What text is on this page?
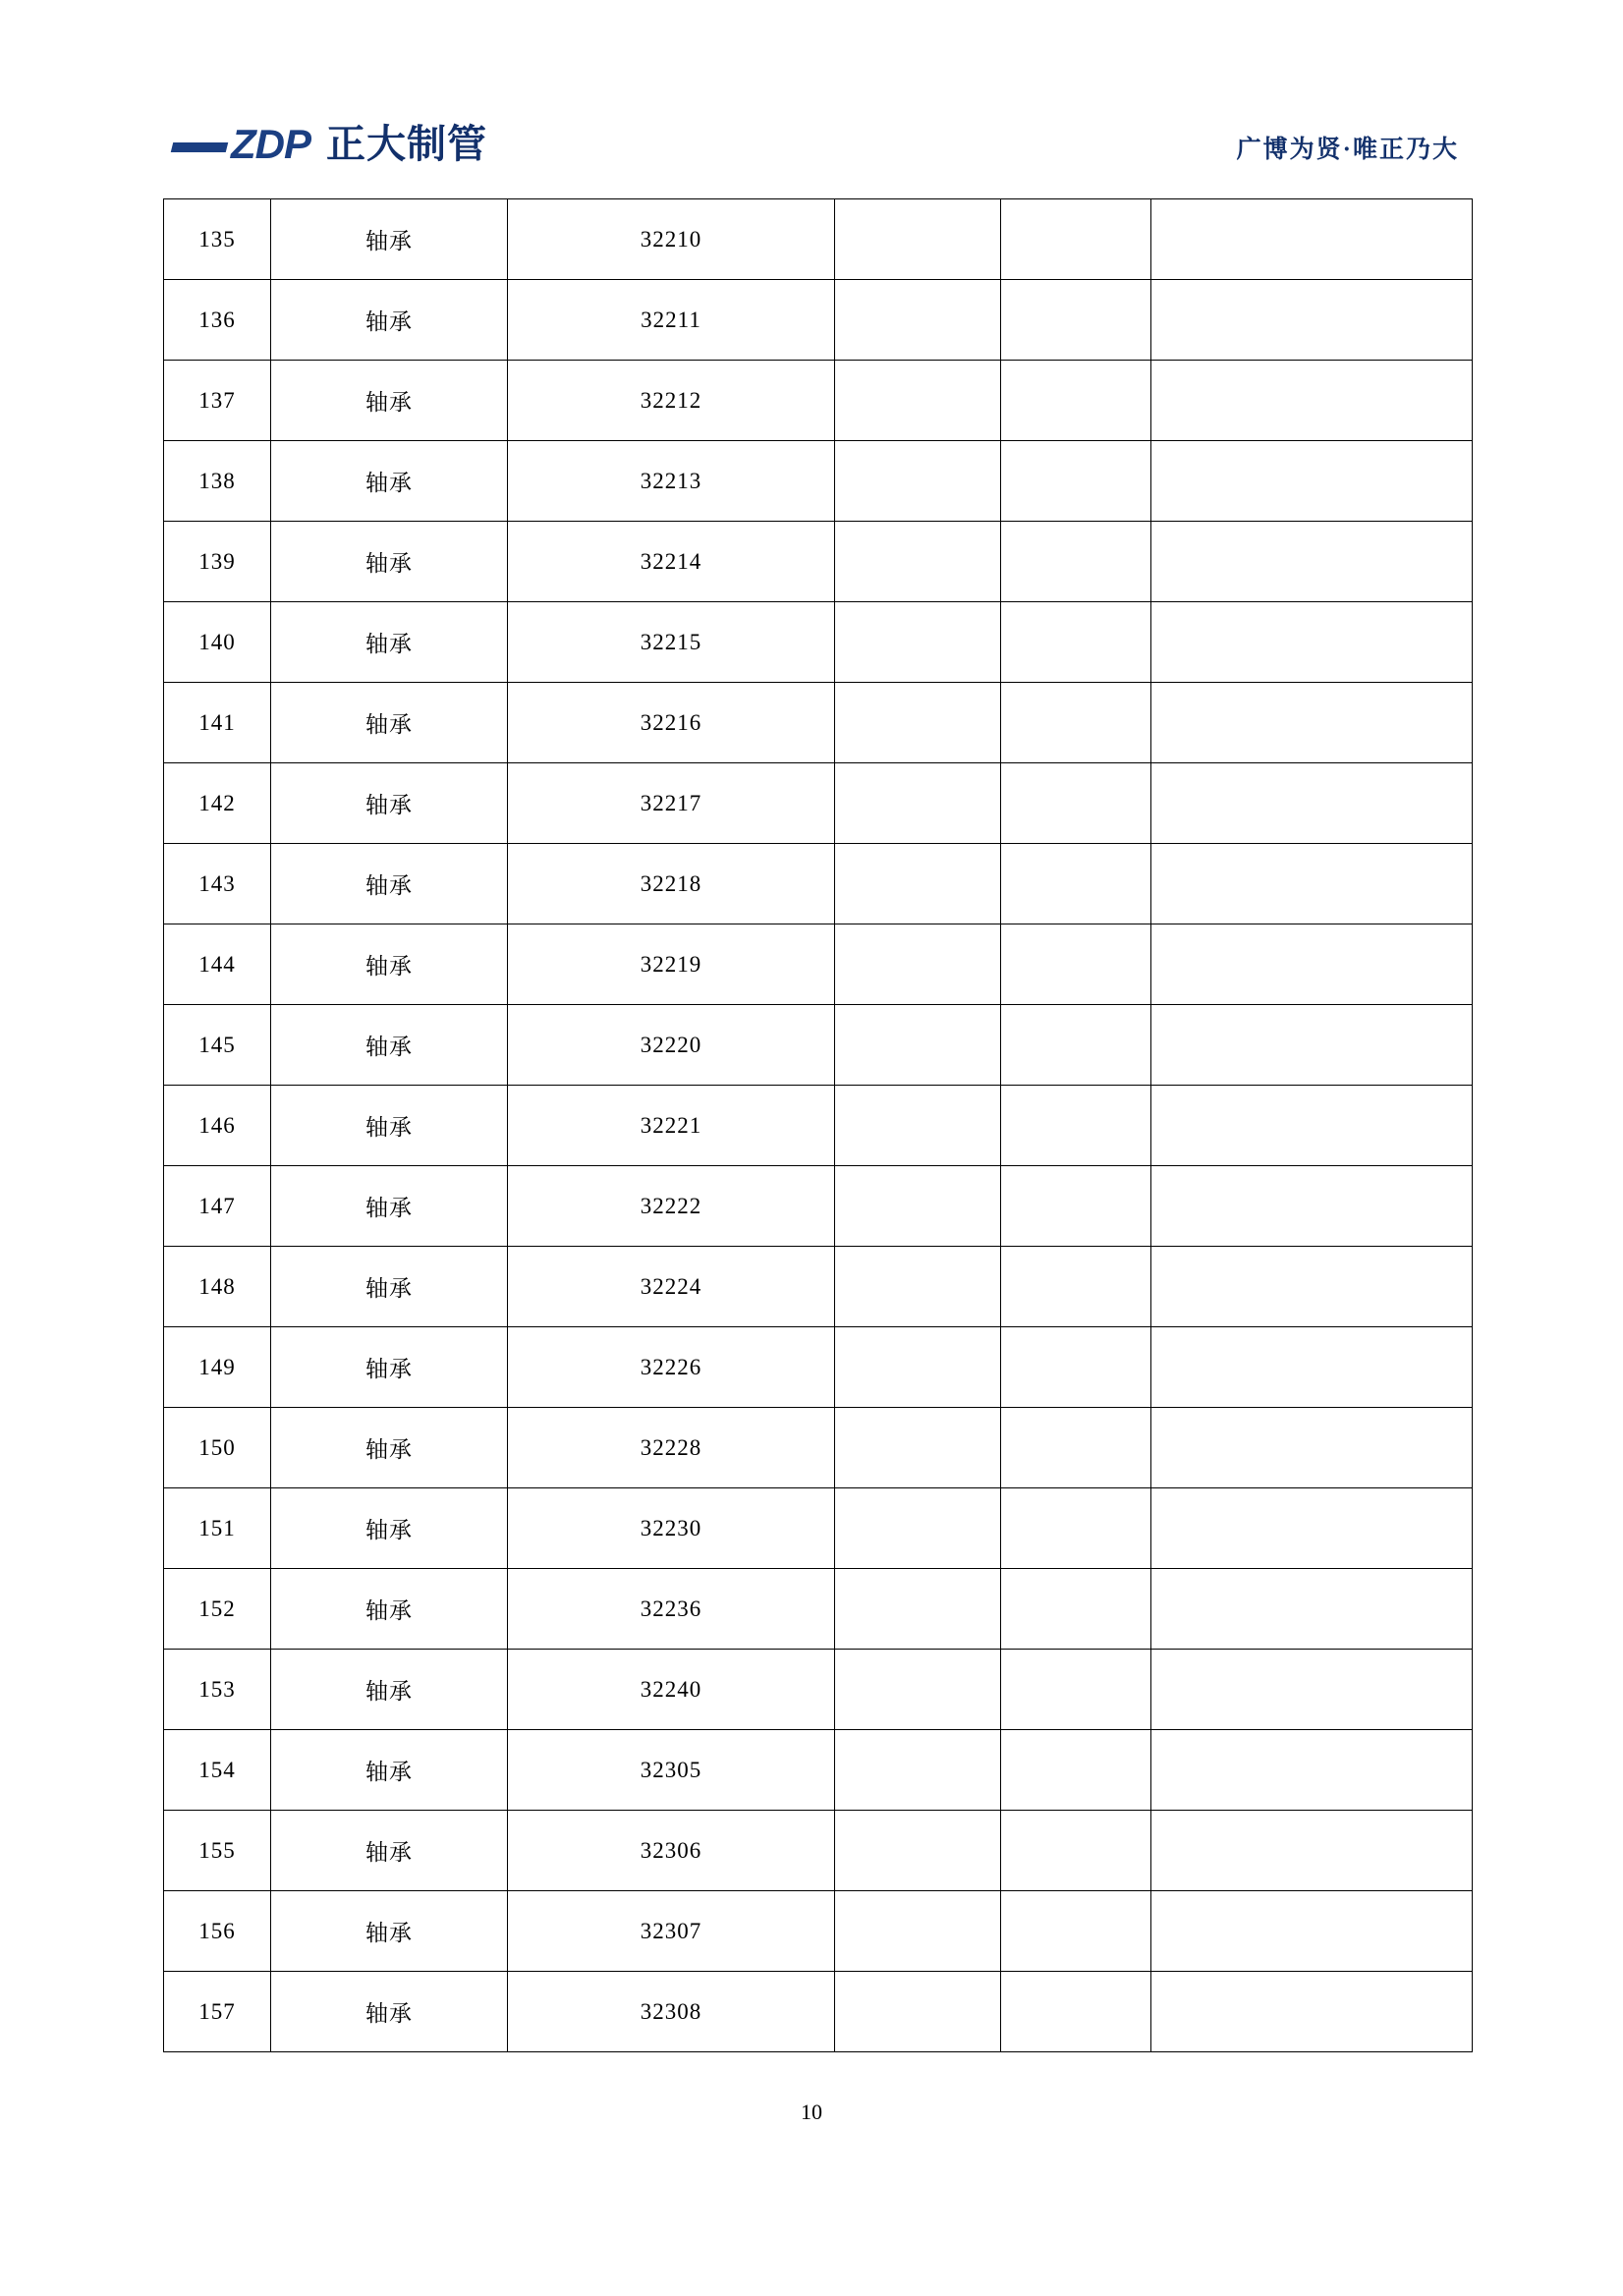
ZDP 正大制管	广博为贤·唯正乃大
135	轴承	32210			
136	轴承	32211			
137	轴承	32212			
138	轴承	32213			
139	轴承	32214			
140	轴承	32215			
141	轴承	32216			
142	轴承	32217			
143	轴承	32218			
144	轴承	32219			
145	轴承	32220			
146	轴承	32221			
147	轴承	32222			
148	轴承	32224			
149	轴承	32226			
150	轴承	32228			
151	轴承	32230			
152	轴承	32236			
153	轴承	32240			
154	轴承	32305			
155	轴承	32306			
156	轴承	32307			
157	轴承	32308			
10
